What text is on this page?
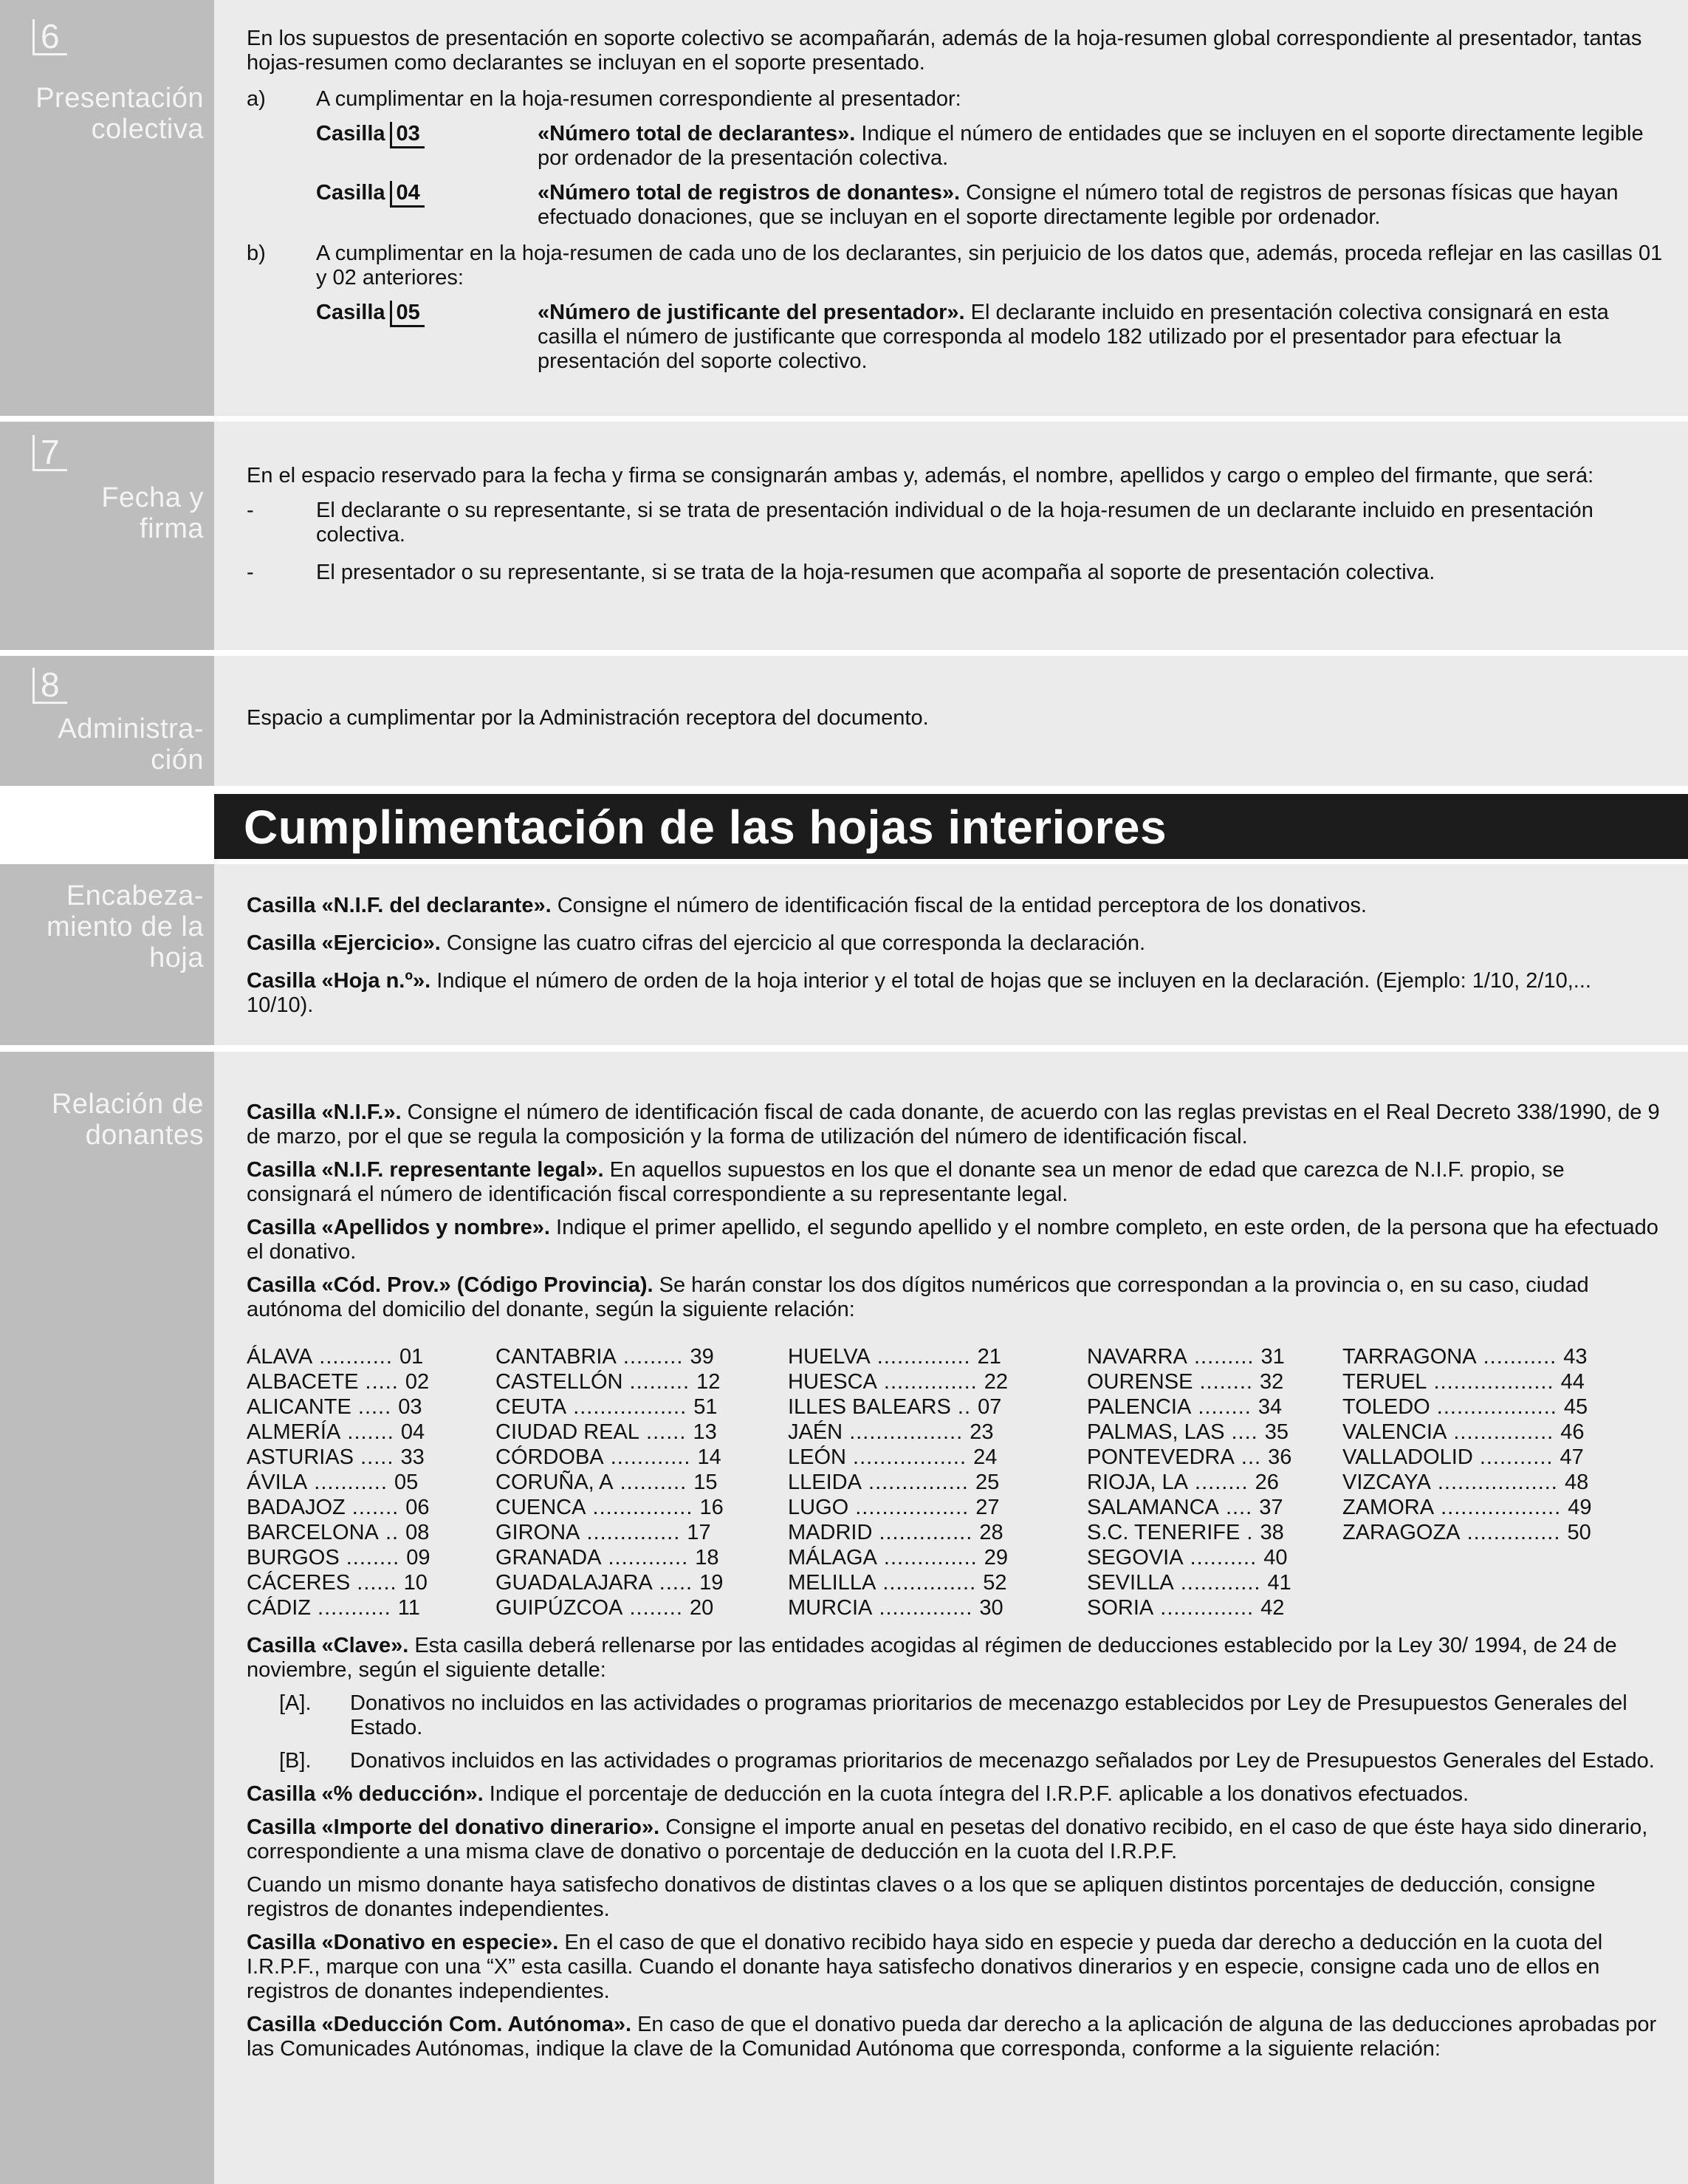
6
Presentación
colectiva

En los supuestos de presentación en soporte colectivo se acompañarán, además de la hoja-resumen global correspondiente al presentador, tantas hojas-resumen como declarantes se incluyan en el soporte presentado.

a) A cumplimentar en la hoja-resumen correspondiente al presentador:

Casilla 03	«Número total de declarantes». Indique el número de entidades que se incluyen en el soporte directamente legible por ordenador de la presentación colectiva.

Casilla 04	«Número total de registros de donantes». Consigne el número total de registros de personas físicas que hayan efectuado donaciones, que se incluyan en el soporte directamente legible por ordenador.

b) A cumplimentar en la hoja-resumen de cada uno de los declarantes, sin perjuicio de los datos que, además, proceda reflejar en las casillas 01 y 02 anteriores:

Casilla 05	«Número de justificante del presentador». El declarante incluido en presentación colectiva consignará en esta casilla el número de justificante que corresponda al modelo 182 utilizado por el presentador para efectuar la presentación del soporte colectivo.

7
Fecha y
firma

En el espacio reservado para la fecha y firma se consignarán ambas y, además, el nombre, apellidos y cargo o empleo del firmante, que será:

-	El declarante o su representante, si se trata de presentación individual o de la hoja-resumen de un declarante incluido en presentación colectiva.

-	El presentador o su representante, si se trata de la hoja-resumen que acompaña al soporte de presentación colectiva.

8
Administra-
ción

Espacio a cumplimentar por la Administración receptora del documento.

Cumplimentación de las hojas interiores
Encabeza-
miento de la
hoja

Casilla «N.I.F. del declarante». Consigne el número de identificación fiscal de la entidad perceptora de los donativos.

Casilla «Ejercicio». Consigne las cuatro cifras del ejercicio al que corresponda la declaración.

Casilla «Hoja n.º». Indique el número de orden de la hoja interior y el total de hojas que se incluyen en la declaración. (Ejemplo: 1/10, 2/10,... 10/10).

Relación de
donantes

Casilla «N.I.F.». Consigne el número de identificación fiscal de cada donante, de acuerdo con las reglas previstas en el Real Decreto 338/1990, de 9 de marzo, por el que se regula la composición y la forma de utilización del número de identificación fiscal.

Casilla «N.I.F. representante legal». En aquellos supuestos en los que el donante sea un menor de edad que carezca de N.I.F. propio, se consignará el número de identificación fiscal correspondiente a su representante legal.

Casilla «Apellidos y nombre». Indique el primer apellido, el segundo apellido y el nombre completo, en este orden, de la persona que ha efectuado el donativo.

Casilla «Cód. Prov.» (Código Provincia). Se harán constar los dos dígitos numéricos que correspondan a la provincia o, en su caso, ciudad autónoma del domicilio del donante, según la siguiente relación:

ÁLAVA ........... 01
ALBACETE ..... 02
ALICANTE ..... 03
ALMERÍA ....... 04
ASTURIAS ..... 33
ÁVILA ........... 05
BADAJOZ ....... 06
BARCELONA .. 08
BURGOS ........ 09
CÁCERES ...... 10
CÁDIZ ........... 11
CANTABRIA ......... 39
CASTELLÓN ......... 12
CEUTA ................. 51
CIUDAD REAL ...... 13
CÓRDOBA ............ 14
CORUÑA, A .......... 15
CUENCA ............... 16
GIRONA .............. 17
GRANADA ............ 18
GUADALAJARA ..... 19
GUIPÚZCOA ........ 20
HUELVA .............. 21
HUESCA .............. 22
ILLES BALEARS .. 07
JAÉN ................. 23
LEÓN ................. 24
LLEIDA ............... 25
LUGO ................. 27
MADRID .............. 28
MÁLAGA .............. 29
MELILLA .............. 52
MURCIA .............. 30
NAVARRA ......... 31
OURENSE ........ 32
PALENCIA ........ 34
PALMAS, LAS .... 35
PONTEVEDRA ... 36
RIOJA, LA ........ 26
SALAMANCA .... 37
S.C. TENERIFE . 38
SEGOVIA .......... 40
SEVILLA ............ 41
SORIA .............. 42
TARRAGONA ........... 43
TERUEL .................. 44
TOLEDO .................. 45
VALENCIA ............... 46
VALLADOLID ........... 47
VIZCAYA .................. 48
ZAMORA .................. 49
ZARAGOZA .............. 50

Casilla «Clave». Esta casilla deberá rellenarse por las entidades acogidas al régimen de deducciones establecido por la Ley 30/ 1994, de 24 de noviembre, según el siguiente detalle:

[A]. Donativos no incluidos en las actividades o programas prioritarios de mecenazgo establecidos por Ley de Presupuestos Generales del Estado.

[B]. Donativos incluidos en las actividades o programas prioritarios de mecenazgo señalados por Ley de Presupuestos Generales del Estado.

Casilla «% deducción». Indique el porcentaje de deducción en la cuota íntegra del I.R.P.F. aplicable a los donativos efectuados.

Casilla «Importe del donativo dinerario». Consigne el importe anual en pesetas del donativo recibido, en el caso de que éste haya sido dinerario, correspondiente a una misma clave de donativo o porcentaje de deducción en la cuota del I.R.P.F.

Cuando un mismo donante haya satisfecho donativos de distintas claves o a los que se apliquen distintos porcentajes de deducción, consigne registros de donantes independientes.

Casilla «Donativo en especie». En el caso de que el donativo recibido haya sido en especie y pueda dar derecho a deducción en la cuota del I.R.P.F., marque con una “X” esta casilla. Cuando el donante haya satisfecho donativos dinerarios y en especie, consigne cada uno de ellos en registros de donantes independientes.

Casilla «Deducción Com. Autónoma». En caso de que el donativo pueda dar derecho a la aplicación de alguna de las deducciones aprobadas por las Comunicades Autónomas, indique la clave de la Comunidad Autónoma que corresponda, conforme a la siguiente relación:
